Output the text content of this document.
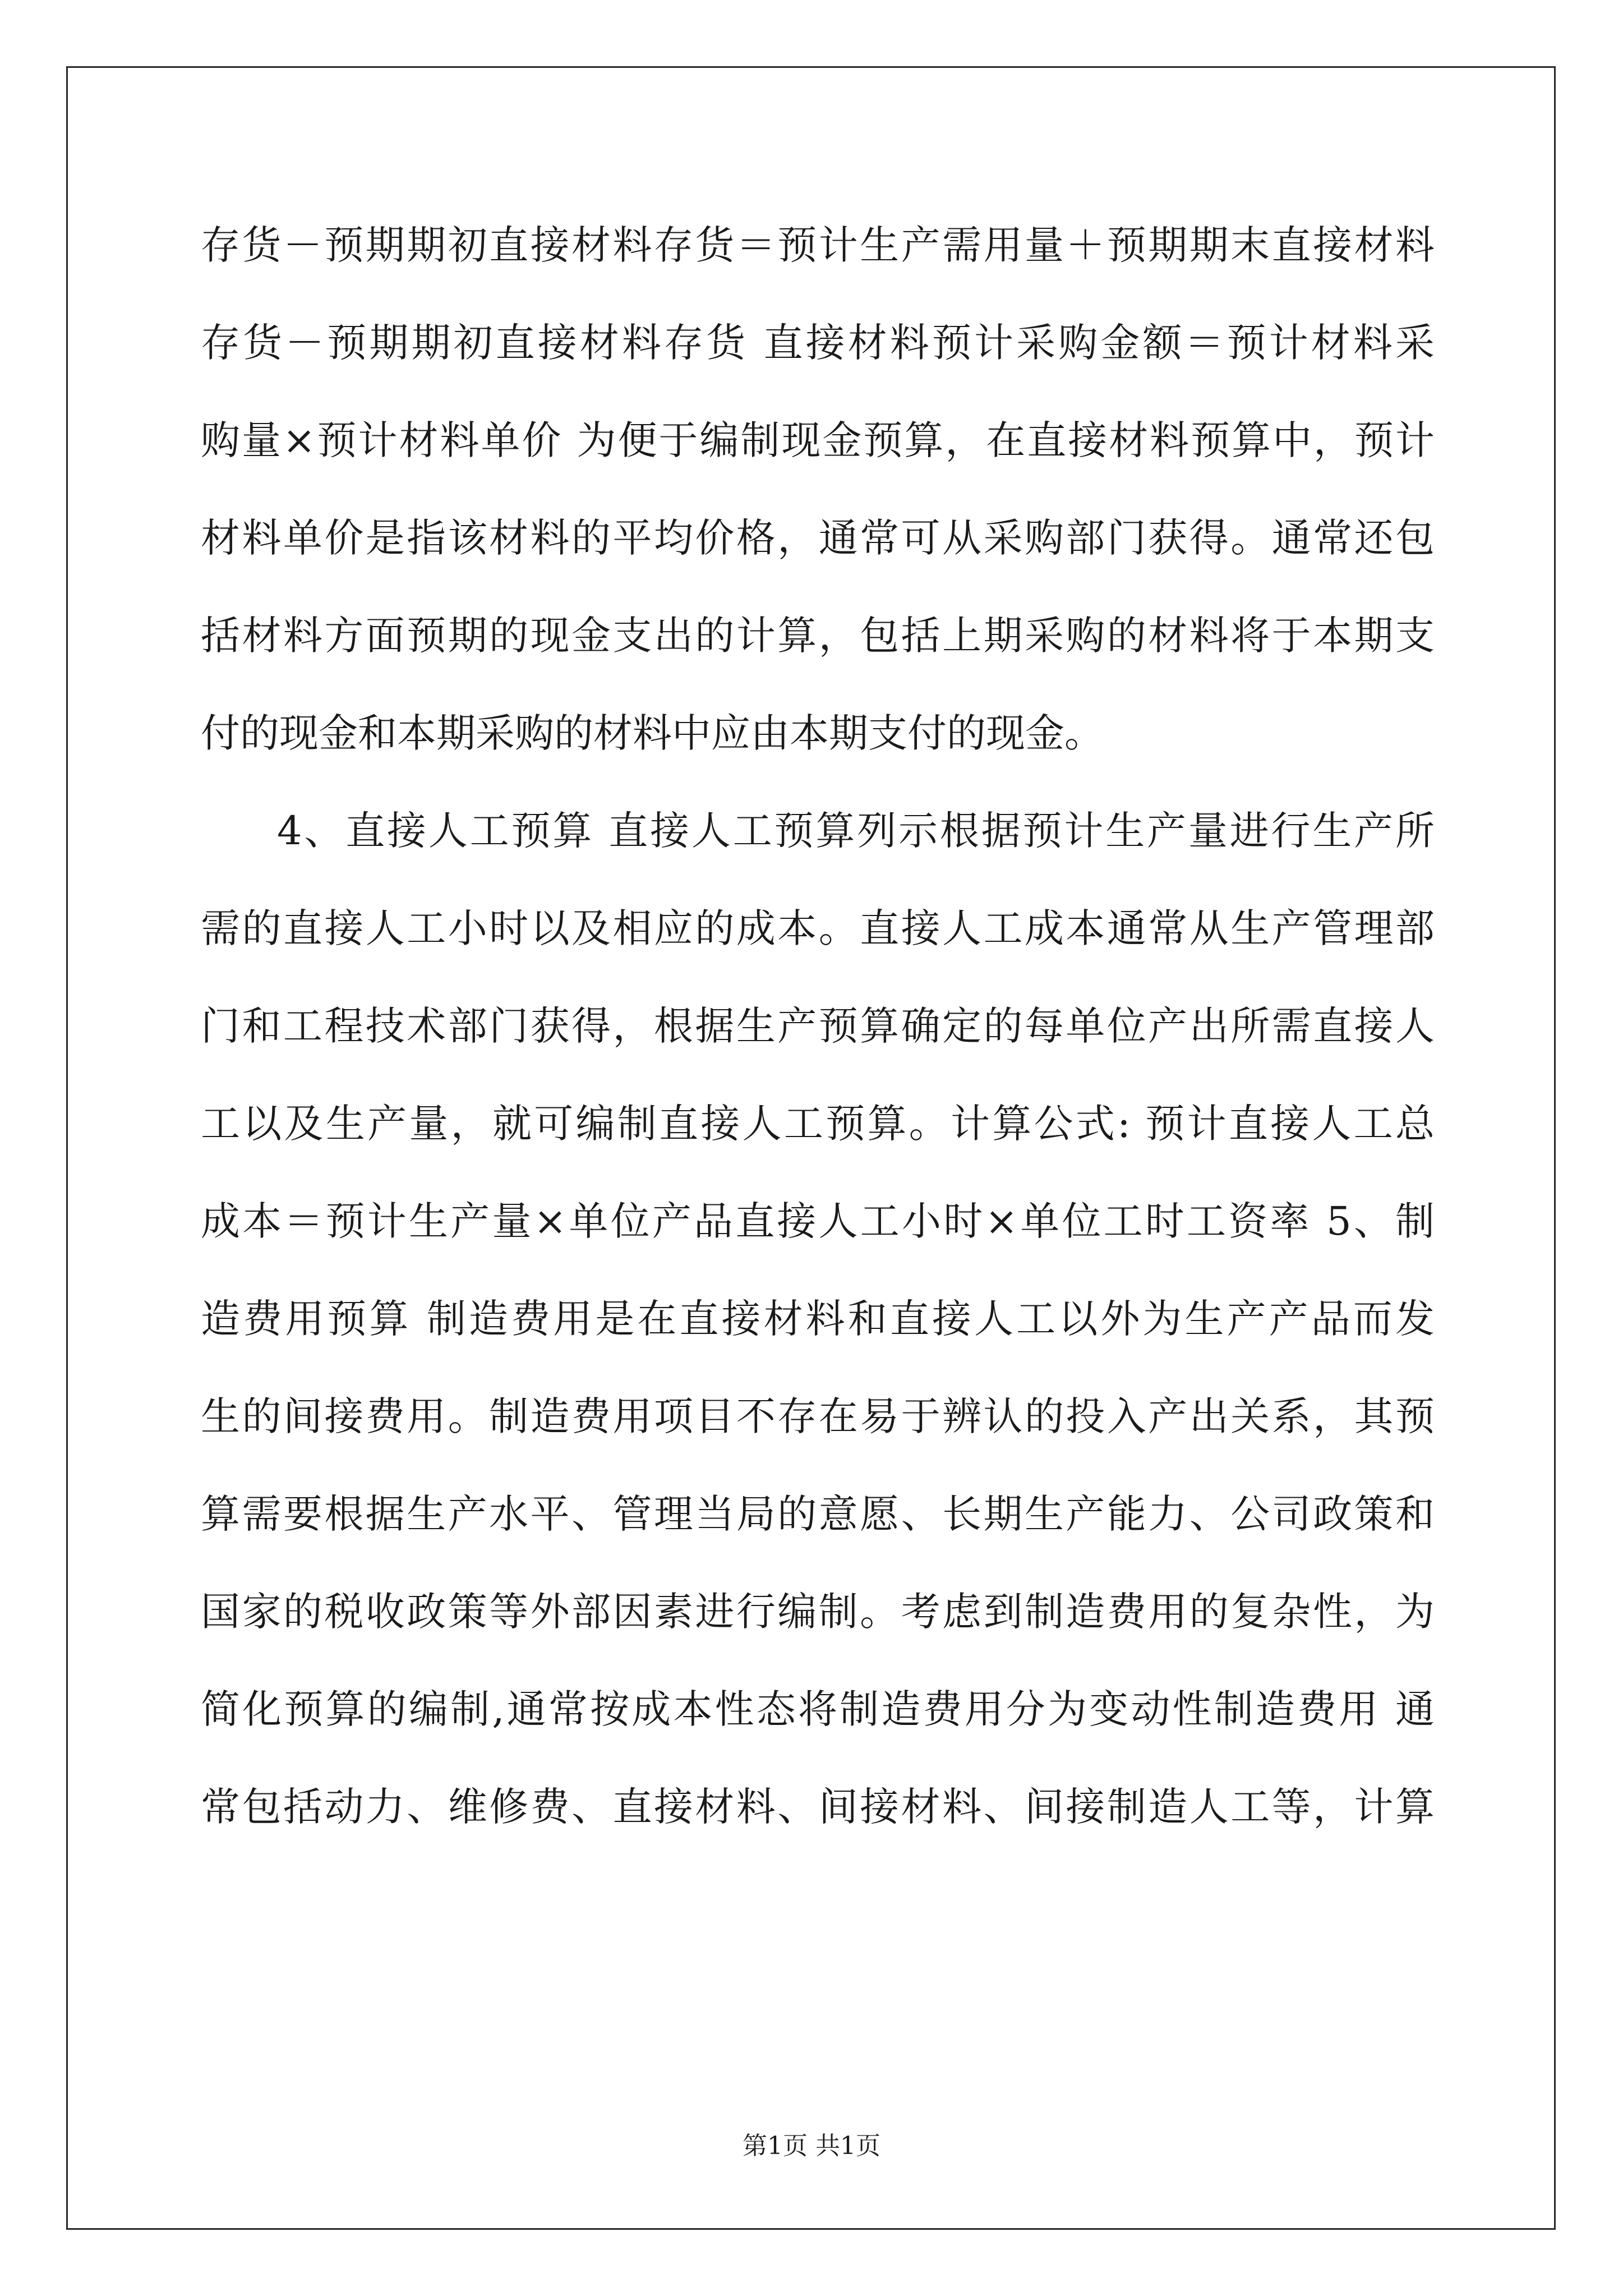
存货－预期期初直接材料存货＝预计生产需用量＋预期期末直接材料
存货－预期期初直接材料存货 直接材料预计采购金额＝预计材料采
购量×预计材料单价 为便于编制现金预算，在直接材料预算中，预计
材料单价是指该材料的平均价格，通常可从采购部门获得。通常还包
括材料方面预期的现金支出的计算，包括上期采购的材料将于本期支
付的现金和本期采购的材料中应由本期支付的现金。
4、直接人工预算 直接人工预算列示根据预计生产量进行生产所
需的直接人工小时以及相应的成本。直接人工成本通常从生产管理部
门和工程技术部门获得，根据生产预算确定的每单位产出所需直接人
工以及生产量，就可编制直接人工预算。计算公式: 预计直接人工总
成本＝预计生产量×单位产品直接人工小时×单位工时工资率 5、制
造费用预算 制造费用是在直接材料和直接人工以外为生产产品而发
生的间接费用。制造费用项目不存在易于辨认的投入产出关系，其预
算需要根据生产水平、管理当局的意愿、长期生产能力、公司政策和
国家的税收政策等外部因素进行编制。考虑到制造费用的复杂性，为
简化预算的编制,通常按成本性态将制造费用分为变动性制造费用 通
常包括动力、维修费、直接材料、间接材料、间接制造人工等，计算
第1页 共1页
